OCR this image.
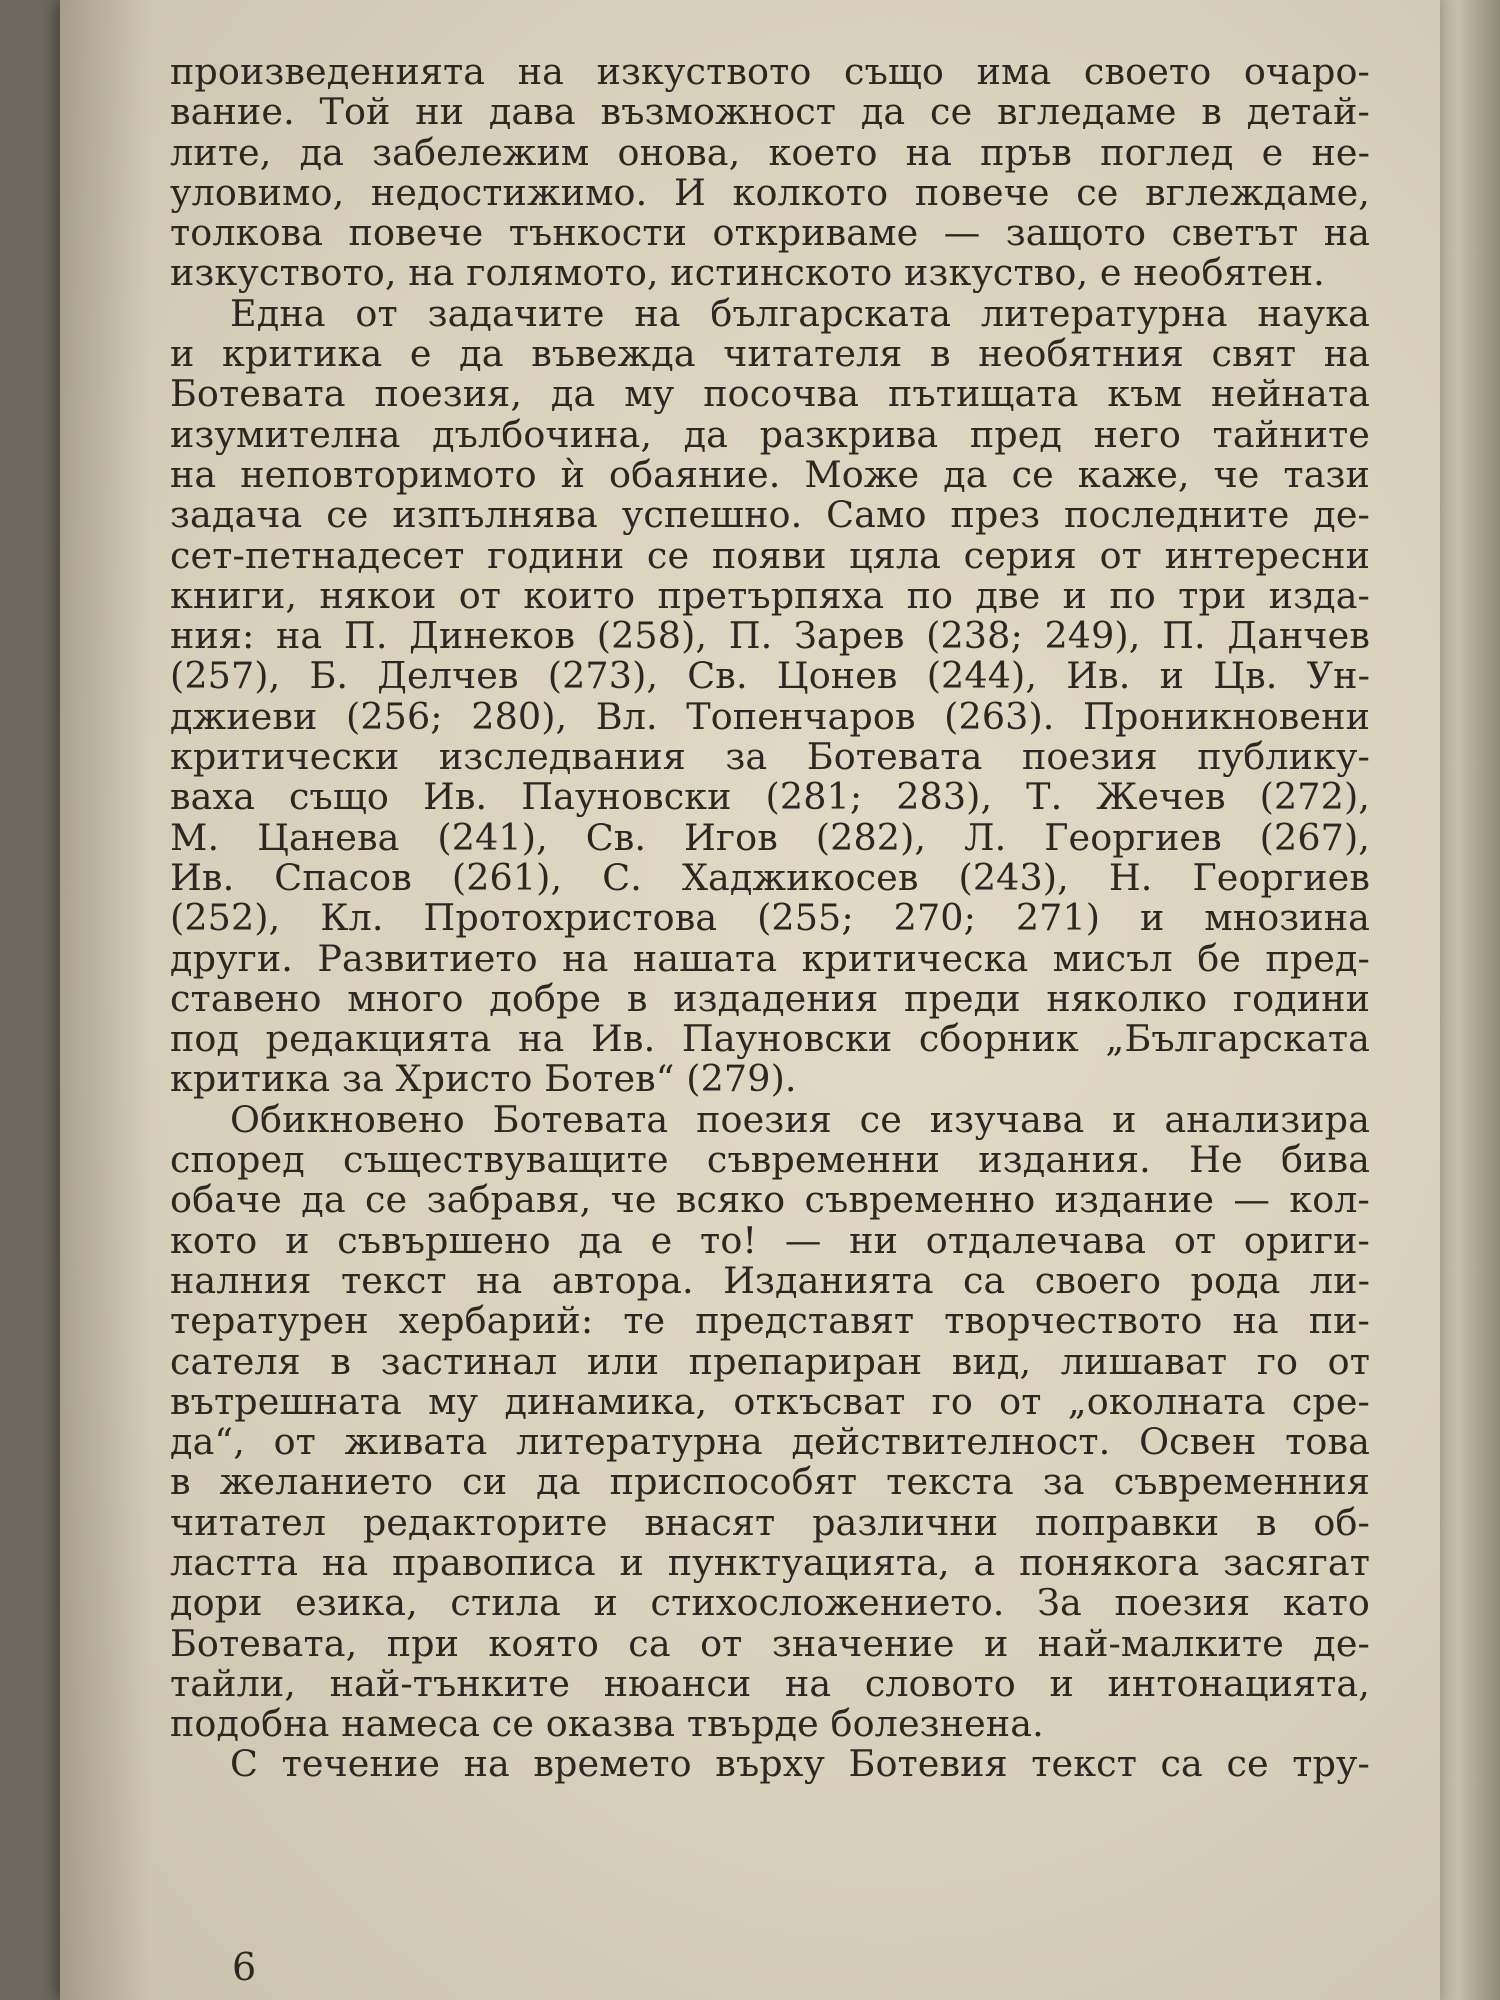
произведенията на изкуството също има своето очаро-
вание. Той ни дава възможност да се вгледаме в детай-
лите, да забележим онова, което на пръв поглед е не-
уловимо, недостижимо. И колкото повече се вглеждаме,
толкова повече тънкости откриваме — защото светът на
изкуството, на голямото, истинското изкуство, е необятен.
Една от задачите на българската литературна наука
и критика е да въвежда читателя в необятния свят на
Ботевата поезия, да му посочва пътищата към нейната
изумителна дълбочина, да разкрива пред него тайните
на неповторимото ѝ обаяние. Може да се каже, че тази
задача се изпълнява успешно. Само през последните де-
сет-петнадесет години се появи цяла серия от интересни
книги, някои от които претърпяха по две и по три изда-
ния: на П. Динеков (258), П. Зарев (238; 249), П. Данчев
(257), Б. Делчев (273), Св. Цонев (244), Ив. и Цв. Ун-
джиеви (256; 280), Вл. Топенчаров (263). Проникновени
критически изследвания за Ботевата поезия публику-
ваха също Ив. Пауновски (281; 283), Т. Жечев (272),
М. Цанева (241), Св. Игов (282), Л. Георгиев (267),
Ив. Спасов (261), С. Хаджикосев (243), Н. Георгиев
(252), Кл. Протохристова (255; 270; 271) и мнозина
други. Развитието на нашата критическа мисъл бе пред-
ставено много добре в издадения преди няколко години
под редакцията на Ив. Пауновски сборник „Българската
критика за Христо Ботев“ (279).
Обикновено Ботевата поезия се изучава и анализира
според съществуващите съвременни издания. Не бива
обаче да се забравя, че всяко съвременно издание — кол-
кото и съвършено да е то! — ни отдалечава от ориги-
налния текст на автора. Изданията са своего рода ли-
тературен хербарий: те представят творчеството на пи-
сателя в застинал или препариран вид, лишават го от
вътрешната му динамика, откъсват го от „околната сре-
да“, от живата литературна действителност. Освен това
в желанието си да приспособят текста за съвременния
читател редакторите внасят различни поправки в об-
ластта на правописа и пунктуацията, а понякога засягат
дори езика, стила и стихосложението. За поезия като
Ботевата, при която са от значение и най-малките де-
тайли, най-тънките нюанси на словото и интонацията,
подобна намеса се оказва твърде болезнена.
С течение на времето върху Ботевия текст са се тру-
6
